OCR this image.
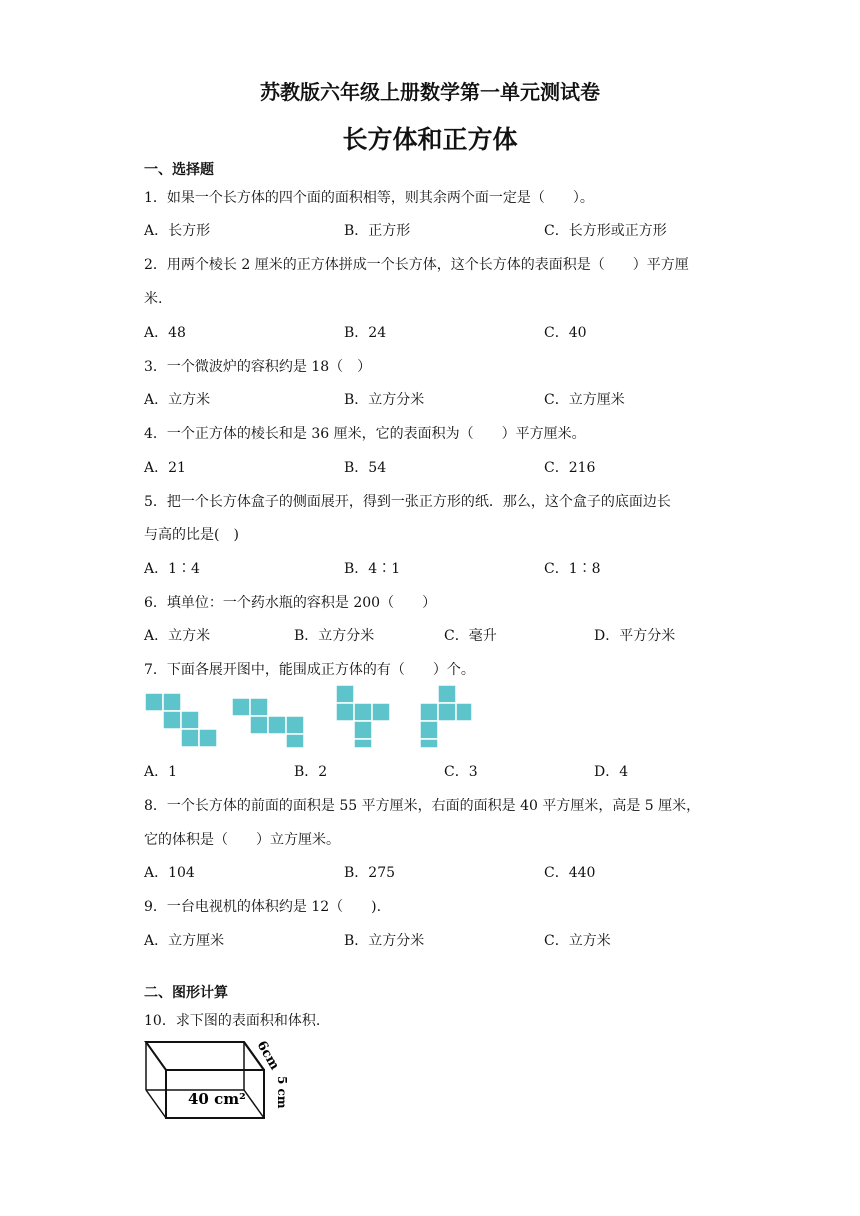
苏教版六年级上册数学第一单元测试卷
长方体和正方体
一、选择题
1．如果一个长方体的四个面的面积相等，则其余两个面一定是（　　）。
A．长方形	B．正方形	C．长方形或正方形
2．用两个棱长 2 厘米的正方体拼成一个长方体，这个长方体的表面积是（　　）平方厘
米.
A．48	B．24	C．40
3．一个微波炉的容积约是 18（　）
A．立方米	B．立方分米	C．立方厘米
4．一个正方体的棱长和是 36 厘米，它的表面积为（　　）平方厘米。
A．21	B．54	C．216
5．把一个长方体盒子的侧面展开，得到一张正方形的纸．那么，这个盒子的底面边长
与高的比是(　)
A．1∶4	B．4∶1	C．1∶8
6．填单位：一个药水瓶的容积是 200（　　）
A．立方米	B．立方分米	C．毫升	D．平方分米
7．下面各展开图中，能围成正方体的有（　　）个。
A．1	B．2	C．3	D．4
8．一个长方体的前面的面积是 55 平方厘米，右面的面积是 40 平方厘米，高是 5 厘米，
它的体积是（　　）立方厘米。
A．104	B．275	C．440
9．一台电视机的体积约是 12（　　).
A．立方厘米	B．立方分米	C．立方米
二、图形计算
10．求下图的表面积和体积.
40 cm²
6cm
5 cm
